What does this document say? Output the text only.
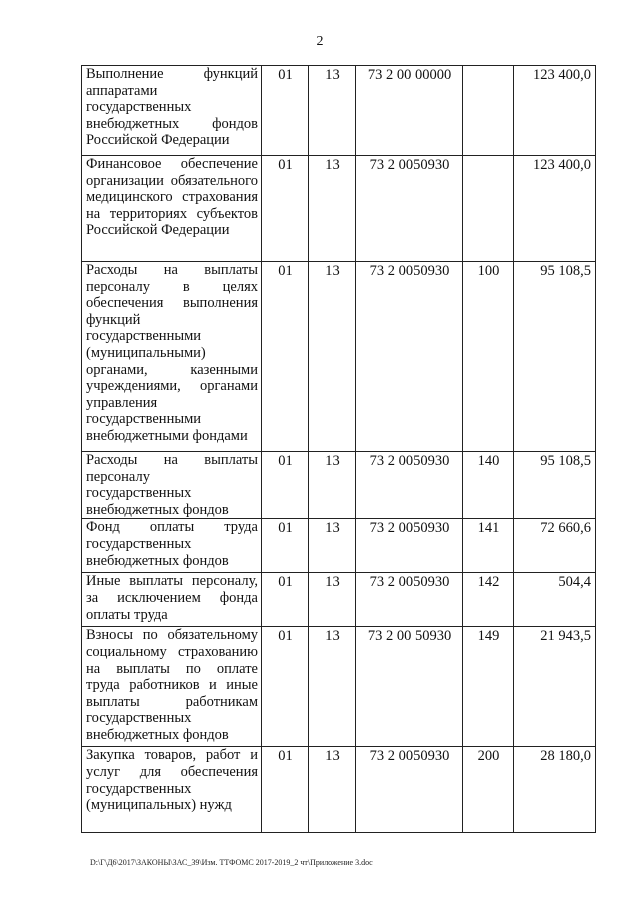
2
Выполнение функций аппаратами государственных внебюджетных фондов Российской Федерации	01	13	73 2 00 00000		123 400,0
Финансовое обеспечение организации обязательного медицинского страхования на территориях субъектов Российской Федерации	01	13	73 2 0050930		123 400,0
Расходы на выплаты персоналу в целях обеспечения выполнения функций государственными (муниципальными) органами, казенными учреждениями, органами управления государственными внебюджетными фондами	01	13	73 2 0050930	100	95 108,5
Расходы на выплаты персоналу государственных внебюджетных фондов	01	13	73 2 0050930	140	95 108,5
Фонд оплаты труда государственных внебюджетных фондов	01	13	73 2 0050930	141	72 660,6
Иные выплаты персоналу, за исключением фонда оплаты труда	01	13	73 2 0050930	142	504,4
Взносы по обязательному социальному страхованию на выплаты по оплате труда работников и иные выплаты работникам государственных внебюджетных фондов	01	13	73 2 00 50930	149	21 943,5
Закупка товаров, работ и услуг для обеспечения государственных (муниципальных) нужд	01	13	73 2 0050930	200	28 180,0
D:\Г\Д6\2017\ЗАКОНЫ\ЗАС_39\Изм. ТТФОМС 2017-2019_2 чт\Приложение 3.doc
